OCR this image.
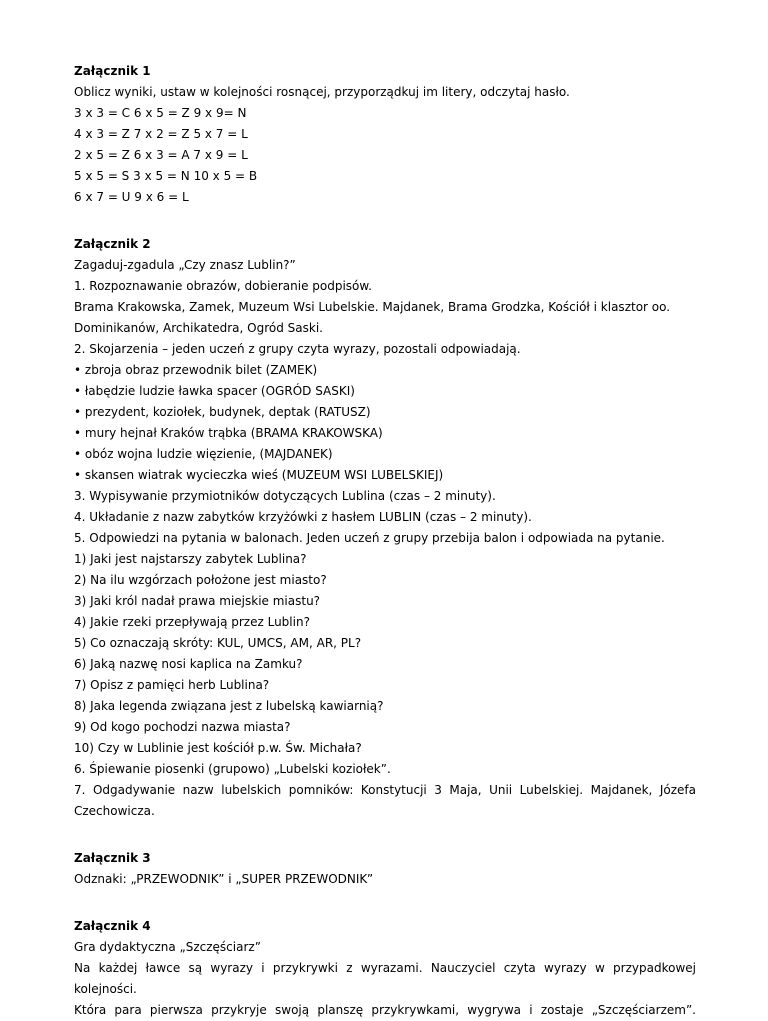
Załącznik 1
Oblicz wyniki, ustaw w kolejności rosnącej, przyporządkuj im litery, odczytaj hasło.
3 x 3 = C 6 x 5 = Z 9 x 9= N
4 x 3 = Z 7 x 2 = Z 5 x 7 = L
2 x 5 = Z 6 x 3 = A 7 x 9 = L
5 x 5 = S 3 x 5 = N 10 x 5 = B
6 x 7 = U 9 x 6 = L
Załącznik 2
Zagaduj-zgadula „Czy znasz Lublin?”
1. Rozpoznawanie obrazów, dobieranie podpisów.
Brama Krakowska, Zamek, Muzeum Wsi Lubelskie. Majdanek, Brama Grodzka, Kościół i klasztor oo.
Dominikanów, Archikatedra, Ogród Saski.
2. Skojarzenia – jeden uczeń z grupy czyta wyrazy, pozostali odpowiadają.
• zbroja obraz przewodnik bilet (ZAMEK)
• łabędzie ludzie ławka spacer (OGRÓD SASKI)
• prezydent, koziołek, budynek, deptak (RATUSZ)
• mury hejnał Kraków trąbka (BRAMA KRAKOWSKA)
• obóz wojna ludzie więzienie, (MAJDANEK)
• skansen wiatrak wycieczka wieś (MUZEUM WSI LUBELSKIEJ)
3. Wypisywanie przymiotników dotyczących Lublina (czas – 2 minuty).
4. Układanie z nazw zabytków krzyżówki z hasłem LUBLIN (czas – 2 minuty).
5. Odpowiedzi na pytania w balonach. Jeden uczeń z grupy przebija balon i odpowiada na pytanie.
1) Jaki jest najstarszy zabytek Lublina?
2) Na ilu wzgórzach położone jest miasto?
3) Jaki król nadał prawa miejskie miastu?
4) Jakie rzeki przepływają przez Lublin?
5) Co oznaczają skróty: KUL, UMCS, AM, AR, PL?
6) Jaką nazwę nosi kaplica na Zamku?
7) Opisz z pamięci herb Lublina?
8) Jaka legenda związana jest z lubelską kawiarnią?
9) Od kogo pochodzi nazwa miasta?
10) Czy w Lublinie jest kościół p.w. Św. Michała?
6. Śpiewanie piosenki (grupowo) „Lubelski koziołek”.
7. Odgadywanie nazw lubelskich pomników: Konstytucji 3 Maja, Unii Lubelskiej. Majdanek, Józefa
Czechowicza.
Załącznik 3
Odznaki: „PRZEWODNIK” i „SUPER PRZEWODNIK”
Załącznik 4
Gra dydaktyczna „Szczęściarz”
Na każdej ławce są wyrazy i przykrywki z wyrazami. Nauczyciel czyta wyrazy w przypadkowej kolejności.
Która para pierwsza przykryje swoją planszę przykrywkami, wygrywa i zostaje „Szczęściarzem”.
